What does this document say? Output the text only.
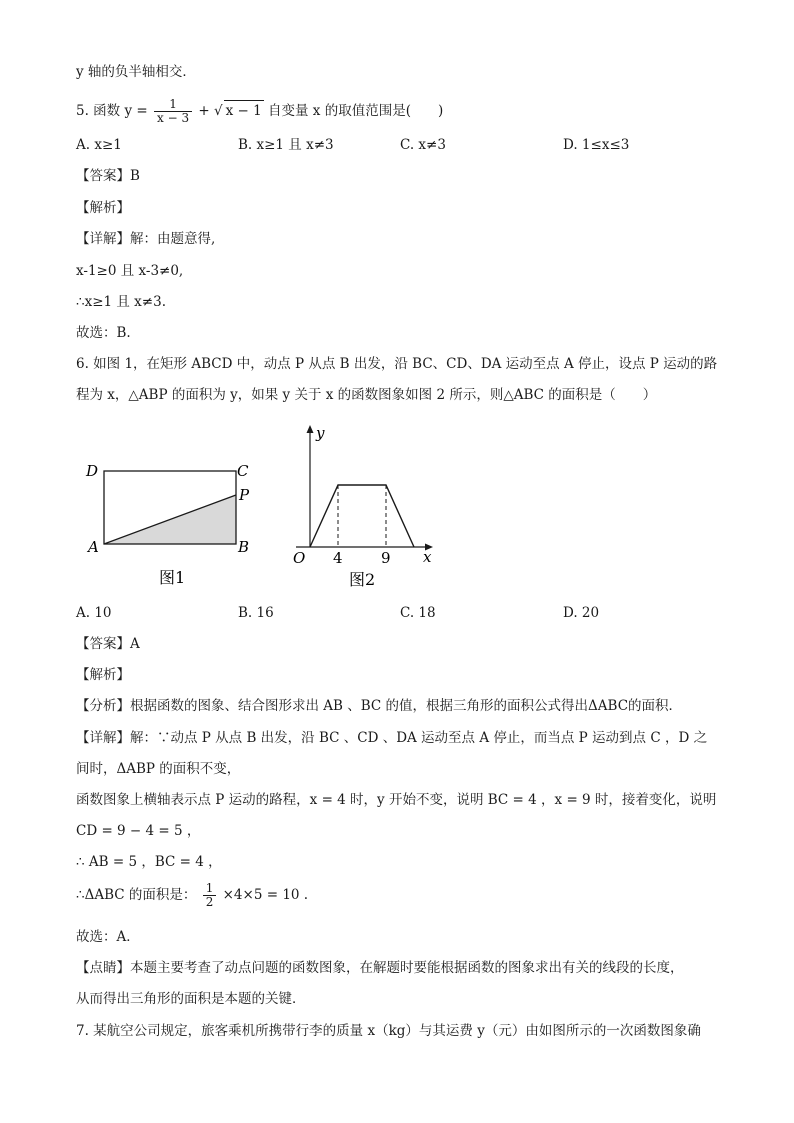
y 轴的负半轴相交．
5. 函数 $y = \frac{1}{x - 3}$ + √ x − 1 自变量 x 的取值范围是(　　)
A. x≥1	B. x≥1 且 x≠3	C. x≠3	D. 1≤x≤3
【答案】B
【解析】
【详解】解：由题意得,
x-1≥0 且 x-3≠0,
∴x≥1 且 x≠3.
故选：B.
6. 如图 1，在矩形 ABCD 中，动点 P 从点 B 出发，沿 BC、CD、DA 运动至点 A 停止，设点 P 运动的路
程为 x，△ABP 的面积为 y，如果 y 关于 x 的函数图象如图 2 所示，则△ABC 的面积是（　　）
D	C
P
A	B
图1
y
x
O 4	9
图2
A. 10	B. 16	C. 18	D. 20
【答案】A
【解析】
【分析】根据函数的图象、结合图形求出 AB 、BC 的值，根据三角形的面积公式得出ΔABC的面积．
【详解】解：∵动点 P 从点 B 出发，沿 BC 、CD 、DA 运动至点 A 停止，而当点 P 运动到点 C ，D 之
间时，ΔABP 的面积不变，
函数图象上横轴表示点 P 运动的路程，x = 4 时，y 开始不变，说明 BC = 4 ，x = 9 时，接着变化，说明
CD = 9 − 4 = 5 ，
∴ AB = 5 ，BC = 4 ，
∴ΔABC 的面积是： $\frac{1}{2} \times 4\times 5 = 10$ .
故选：A．
【点睛】本题主要考查了动点问题的函数图象，在解题时要能根据函数的图象求出有关的线段的长度，
从而得出三角形的面积是本题的关键．
7. 某航空公司规定，旅客乘机所携带行李的质量 x（kg）与其运费 y（元）由如图所示的一次函数图象确
